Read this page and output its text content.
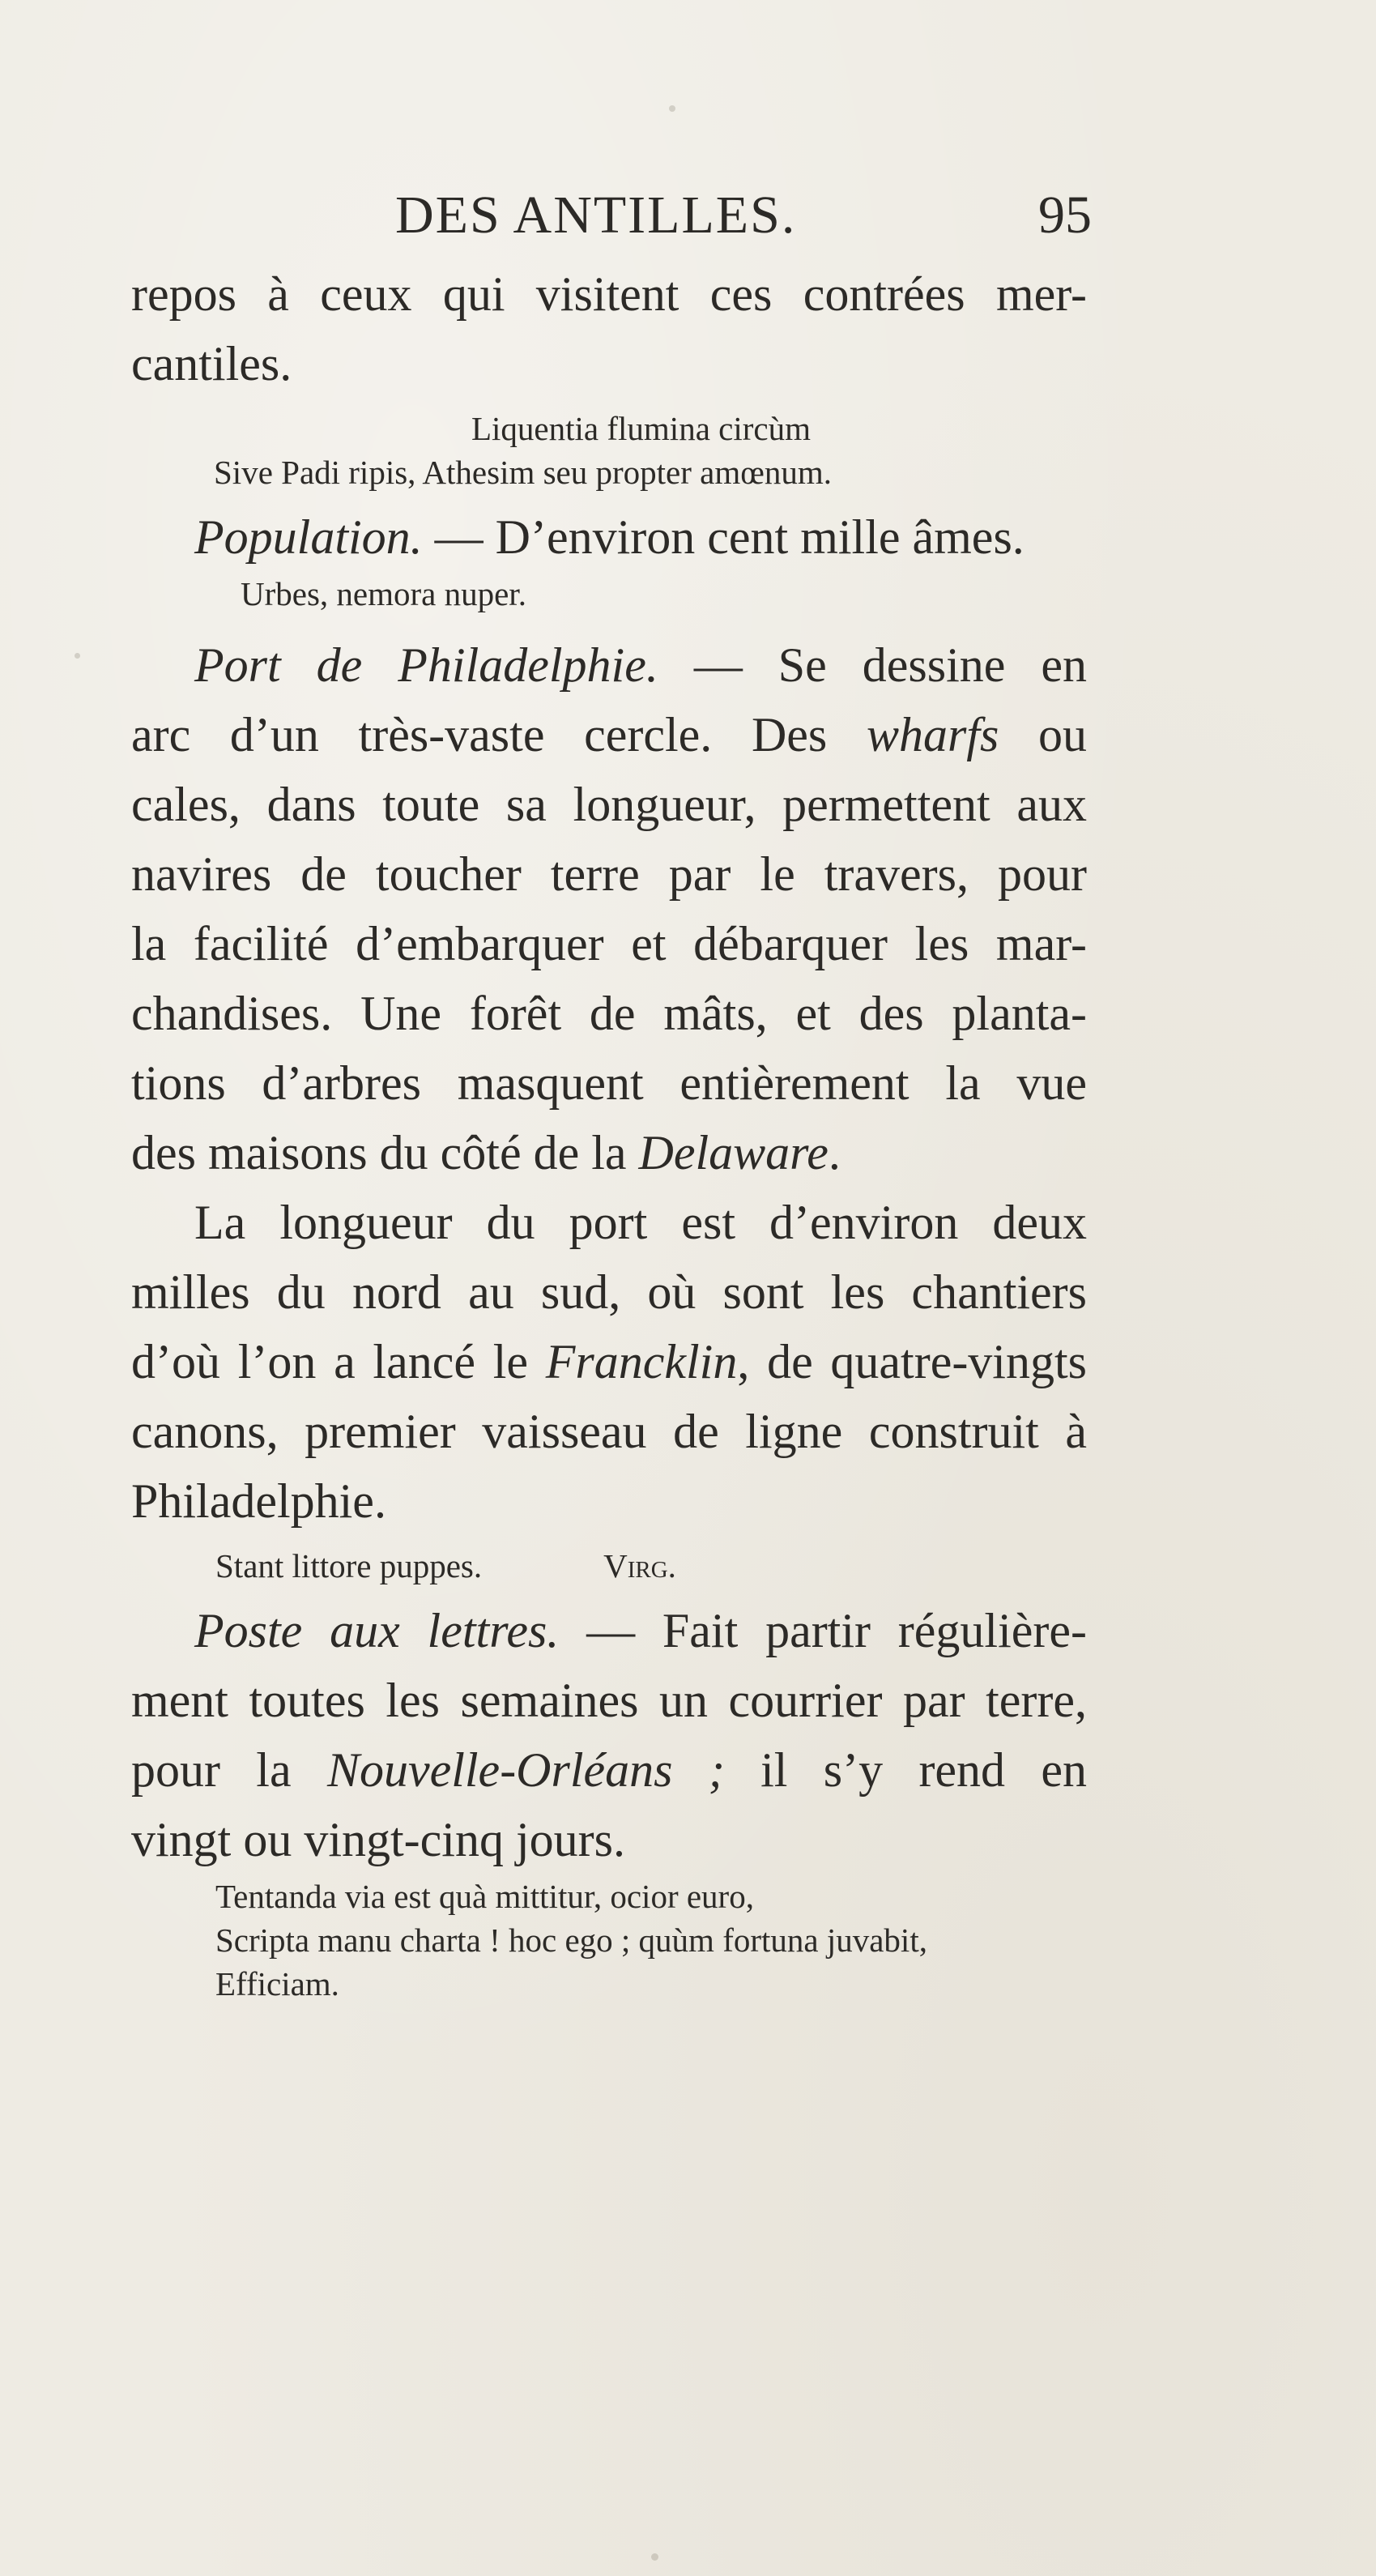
DES ANTILLES.	95
repos à ceux qui visitent ces contrées mer-
cantiles.
Liquentia flumina circùm
Sive Padi ripis, Athesim seu propter amœnum.
Population. — D’environ cent mille âmes.
Urbes, nemora nuper.
Port de Philadelphie. — Se dessine en
arc d’un très-vaste cercle. Des wharfs ou
cales, dans toute sa longueur, permettent aux
navires de toucher terre par le travers, pour
la facilité d’embarquer et débarquer les mar-
chandises. Une forêt de mâts, et des planta-
tions d’arbres masquent entièrement la vue
des maisons du côté de la Delaware.
La longueur du port est d’environ deux
milles du nord au sud, où sont les chantiers
d’où l’on a lancé le Francklin, de quatre-vingts
canons, premier vaisseau de ligne construit à
Philadelphie.
Stant littore puppes.	Virg.
Poste aux lettres. — Fait partir régulière-
ment toutes les semaines un courrier par terre,
pour la Nouvelle-Orléans ; il s’y rend en
vingt ou vingt-cinq jours.
Tentanda via est quà mittitur, ocior euro,
Scripta manu charta ! hoc ego ; quùm fortuna juvabit,
Efficiam.
